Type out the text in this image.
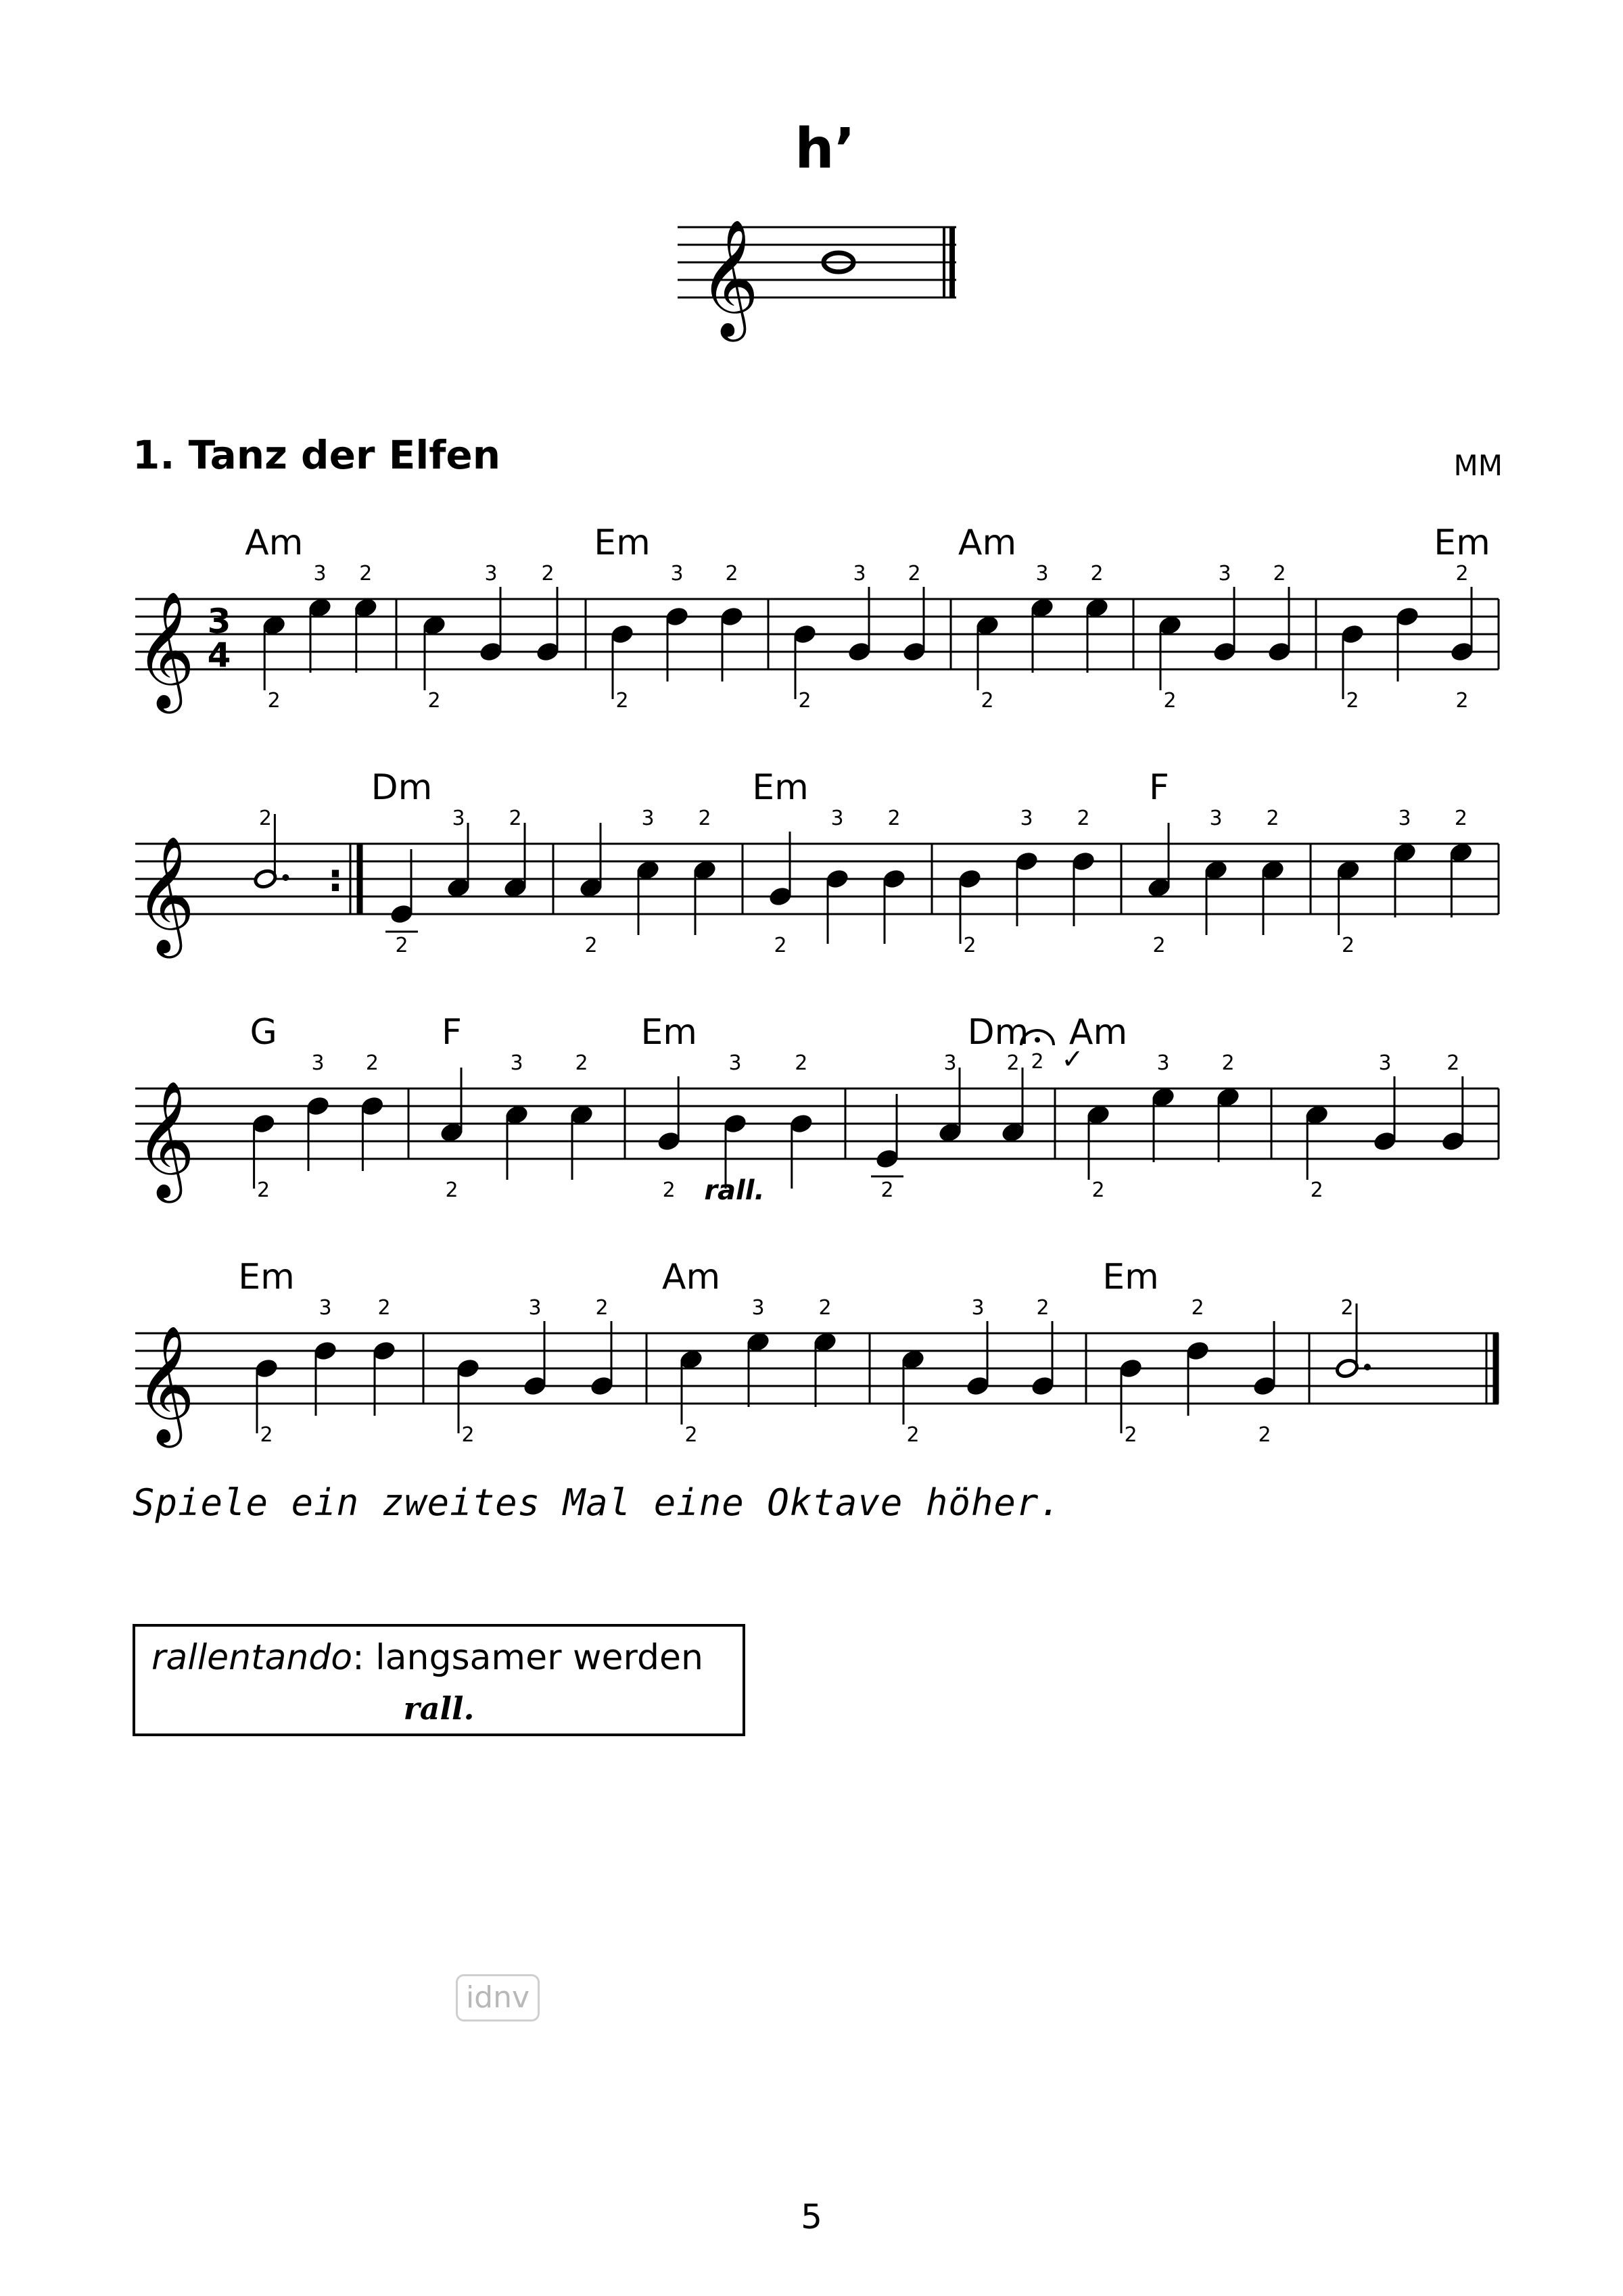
h’
1. Tanz der Elfen	MM
𝄞
𝄞 3
4
2
3 2
Am
2
3 2
2
3 2
Em
2
3 2
2
3 2
Am
2
3 2
2
2
2
Em
𝄞
2
:
2
3 2
Dm
2
3 2
2
3 2
Em
2
3 2
2
3 2
F
2
3 2
𝄞	2
3 2
G
2
3	2
F
2
3	2
Em
2
3 2
Dm
2 ✓
2
3	2
Am
2
3	2
rall.
𝄞	2
3 2
Em
2
3	2
2
3	2
Am
2
3	2
2
2
2
Em
2
Spiele ein zweites Mal eine Oktave höher.
rallentando: langsamer werden
rall.
idnv
5
